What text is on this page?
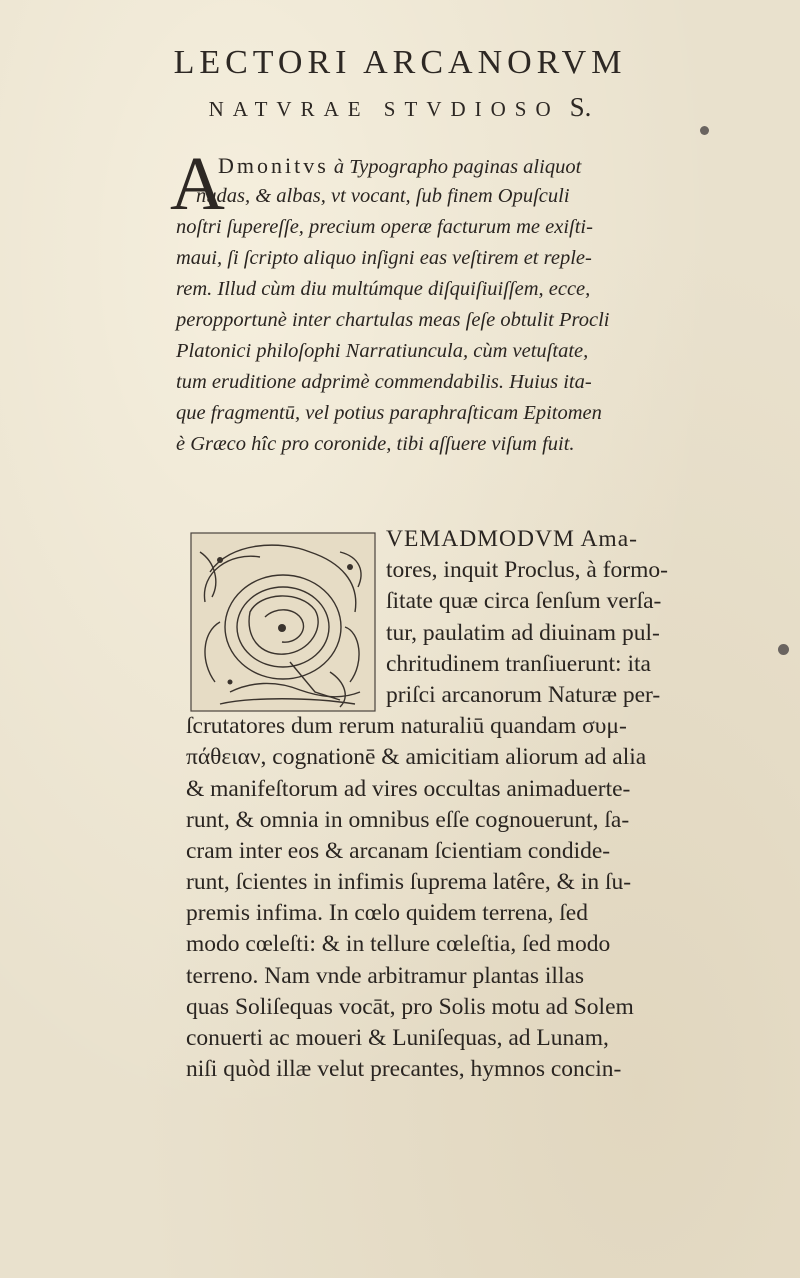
LECTORI ARCANORVM
NATVRAE STVDIOSO S.
A
Dmonitvs à Typographo paginas aliquot
nudas, & albas, vt vocant, ſub finem Opuſculi
noſtri ſupereſſe, precium operæ facturum me exiſti-
maui, ſi ſcripto aliquo inſigni eas veſtirem et reple-
rem. Illud cùm diu multúmque diſquiſiuiſſem, ecce,
peropportunè inter chartulas meas ſeſe obtulit Procli
Platonici philoſophi Narratiuncula, cùm vetuſtate,
tum eruditione adprimè commendabilis. Huius ita-
que fragmentū, vel potius paraphraſticam Epitomen
è Græco hîc pro coronide, tibi aſſuere viſum fuit.
VEMADMODVM Ama-
tores, inquit Proclus, à formo-
ſitate quæ circa ſenſum verſa-
tur, paulatim ad diuinam pul-
chritudinem tranſiuerunt: ita
priſci arcanorum Naturæ per-
ſcrutatores dum rerum naturaliū quandam συμ-
πάθειαν, cognationē & amicitiam aliorum ad alia
& manifeſtorum ad vires occultas animaduerte-
runt, & omnia in omnibus eſſe cognouerunt, ſa-
cram inter eos & arcanam ſcientiam condide-
runt, ſcientes in infimis ſuprema latêre, & in ſu-
premis infima. In cœlo quidem terrena, ſed
modo cœleſti: & in tellure cœleſtia, ſed modo
terreno. Nam vnde arbitramur plantas illas
quas Soliſequas vocāt, pro Solis motu ad Solem
conuerti ac moueri & Luniſequas, ad Lunam,
niſi quòd illæ velut precantes, hymnos concin-
